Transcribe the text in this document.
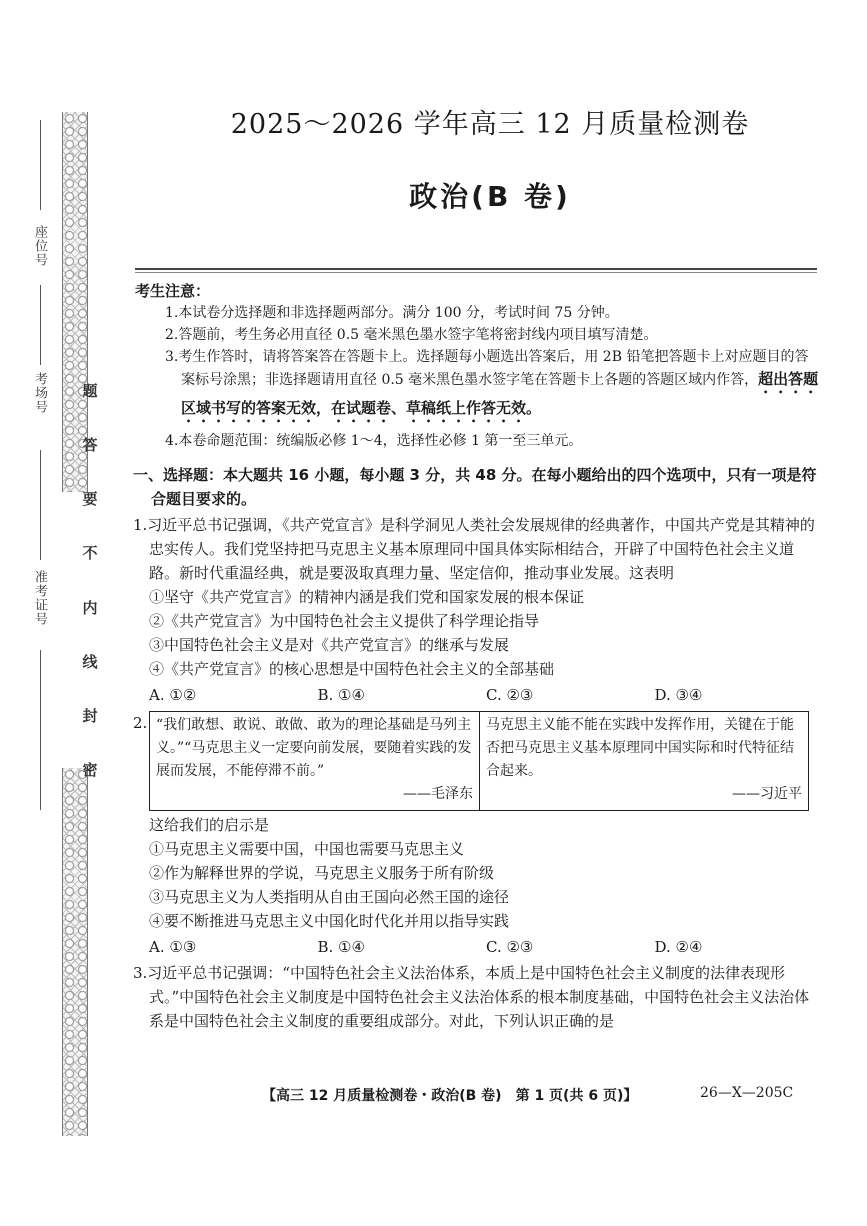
座位号
考场号
准考证号
题
答
要
不
内
线
封
密
2025～2026 学年高三 12 月质量检测卷
政治(B 卷)
考生注意：
1.本试卷分选择题和非选择题两部分。满分 100 分，考试时间 75 分钟。
2.答题前，考生务必用直径 0.5 毫米黑色墨水签字笔将密封线内项目填写清楚。
3.考生作答时，请将答案答在答题卡上。选择题每小题选出答案后，用 2B 铅笔把答题卡上对应题目的答案标号涂黑；非选择题请用直径 0.5 毫米黑色墨水签字笔在答题卡上各题的答题区域内作答，超出答题区域书写的答案无效，在试题卷、草稿纸上作答无效。
4.本卷命题范围：统编版必修 1～4，选择性必修 1 第一至三单元。
一、选择题：本大题共 16 小题，每小题 3 分，共 48 分。在每小题给出的四个选项中，只有一项是符合题目要求的。
1.习近平总书记强调，《共产党宣言》是科学洞见人类社会发展规律的经典著作，中国共产党是其精神的忠实传人。我们党坚持把马克思主义基本原理同中国具体实际相结合，开辟了中国特色社会主义道路。新时代重温经典，就是要汲取真理力量、坚定信仰，推动事业发展。这表明
①坚守《共产党宣言》的精神内涵是我们党和国家发展的根本保证
②《共产党宣言》为中国特色社会主义提供了科学理论指导
③中国特色社会主义是对《共产党宣言》的继承与发展
④《共产党宣言》的核心思想是中国特色社会主义的全部基础
A. ①②	B. ①④	C. ②③	D. ③④
2. “我们敢想、敢说、敢做、敢为的理论基础是马列主义。”“马克思主义一定要向前发展，要随着实践的发展而发展，不能停滞不前。”
——毛泽东
马克思主义能不能在实践中发挥作用，关键在于能否把马克思主义基本原理同中国实际和时代特征结合起来。
——习近平
这给我们的启示是
①马克思主义需要中国，中国也需要马克思主义
②作为解释世界的学说，马克思主义服务于所有阶级
③马克思主义为人类指明从自由王国向必然王国的途径
④要不断推进马克思主义中国化时代化并用以指导实践
A. ①③	B. ①④	C. ②③	D. ②④
3.习近平总书记强调：“中国特色社会主义法治体系，本质上是中国特色社会主义制度的法律表现形式。”中国特色社会主义制度是中国特色社会主义法治体系的根本制度基础，中国特色社会主义法治体系是中国特色社会主义制度的重要组成部分。对此，下列认识正确的是
【高三 12 月质量检测卷・政治(B 卷)　第 1 页(共 6 页)】	26—X—205C
